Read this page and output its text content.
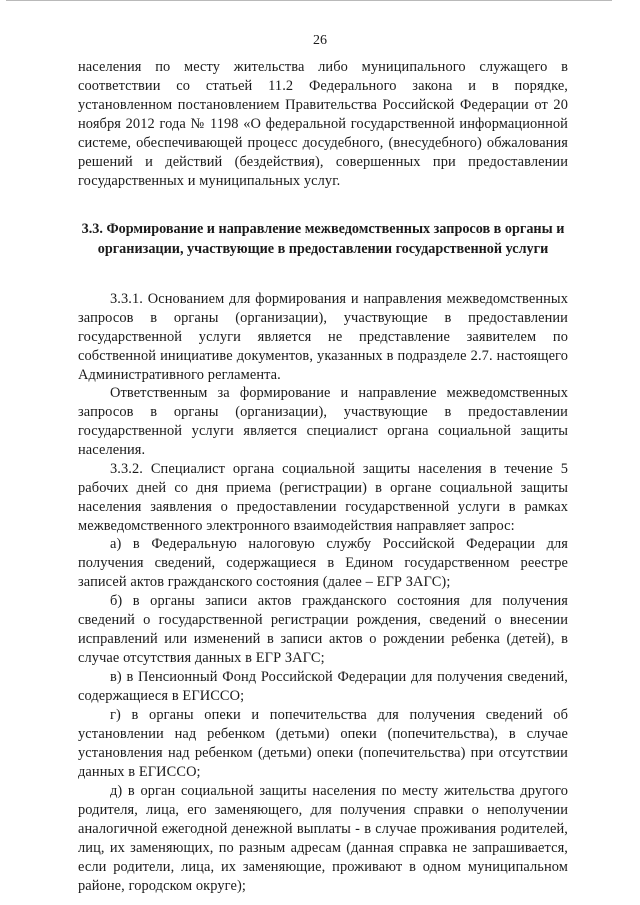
26

населения по месту жительства либо муниципального служащего в соответствии со статьей 11.2 Федерального закона и в порядке, установленном постановлением Правительства Российской Федерации от 20 ноября 2012 года № 1198 «О федеральной государственной информационной системе, обеспечивающей процесс досудебного, (внесудебного) обжалования решений и действий (бездействия), совершенных при предоставлении государственных и муниципальных услуг.

3.3. Формирование и направление межведомственных запросов в органы и организации, участвующие в предоставлении государственной услуги

3.3.1. Основанием для формирования и направления межведомственных запросов в органы (организации), участвующие в предоставлении государственной услуги является не представление заявителем по собственной инициативе документов, указанных в подразделе 2.7. настоящего Административного регламента.

Ответственным за формирование и направление межведомственных запросов в органы (организации), участвующие в предоставлении государственной услуги является специалист органа социальной защиты населения.

3.3.2. Специалист органа социальной защиты населения в течение 5 рабочих дней со дня приема (регистрации) в органе социальной защиты населения заявления о предоставлении государственной услуги в рамках межведомственного электронного взаимодействия направляет запрос:

а) в Федеральную налоговую службу Российской Федерации для получения сведений, содержащиеся в Едином государственном реестре записей актов гражданского состояния (далее – ЕГР ЗАГС);

б) в органы записи актов гражданского состояния для получения сведений о государственной регистрации рождения, сведений о внесении исправлений или изменений в записи актов о рождении ребенка (детей), в случае отсутствия данных в ЕГР ЗАГС;

в) в Пенсионный Фонд Российской Федерации для получения сведений, содержащиеся в ЕГИССО;

г) в органы опеки и попечительства для получения сведений об установлении над ребенком (детьми) опеки (попечительства), в случае установления над ребенком (детьми) опеки (попечительства) при отсутствии данных в ЕГИССО;

д) в орган социальной защиты населения по месту жительства другого родителя, лица, его заменяющего, для получения справки о неполучении аналогичной ежегодной денежной выплаты - в случае проживания родителей, лиц, их заменяющих, по разным адресам (данная справка не запрашивается, если родители, лица, их заменяющие, проживают в одном муниципальном районе, городском округе);
